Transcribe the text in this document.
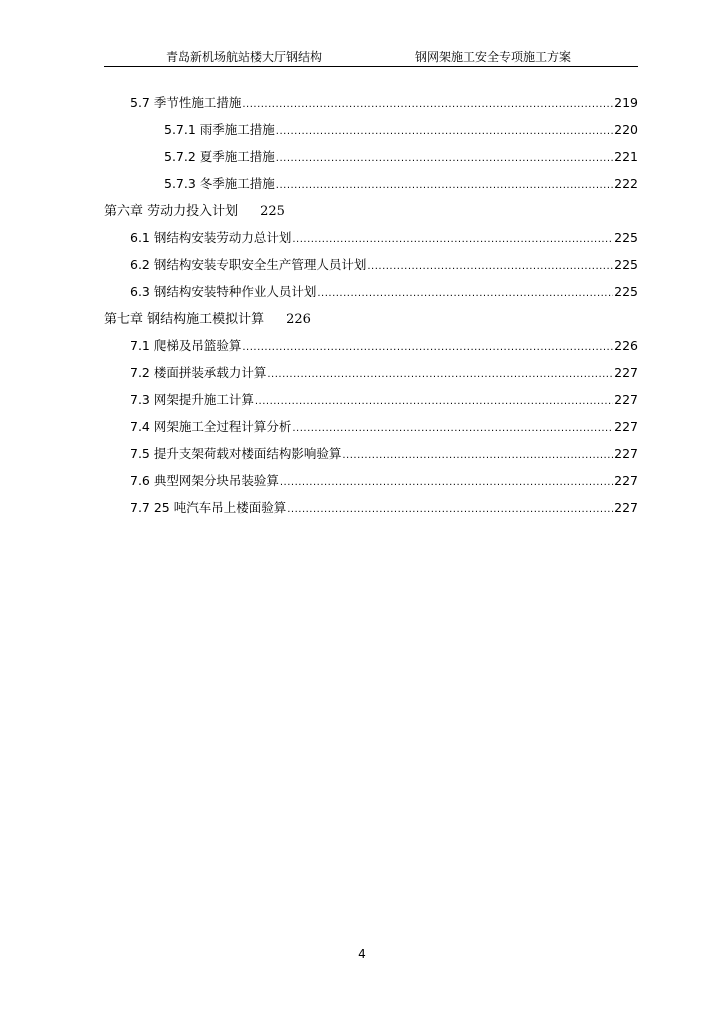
青岛新机场航站楼大厅钢结构	钢网架施工安全专项施工方案
5.7 季节性施工措施 .....	219
5.7.1 雨季施工措施 .....	220
5.7.2 夏季施工措施 .....	221
5.7.3 冬季施工措施 .....	222
第六章 劳动力投入计划 225
6.1 钢结构安装劳动力总计划 .....	225
6.2 钢结构安装专职安全生产管理人员计划 .....	225
6.3 钢结构安装特种作业人员计划 .....	225
第七章 钢结构施工模拟计算 226
7.1 爬梯及吊篮验算 .....	226
7.2 楼面拼装承载力计算 .....	227
7.3 网架提升施工计算 .....	227
7.4 网架施工全过程计算分析 .....	227
7.5 提升支架荷载对楼面结构影响验算 .....	227
7.6 典型网架分块吊装验算 .....	227
7.7 25 吨汽车吊上楼面验算 .....	227
4
